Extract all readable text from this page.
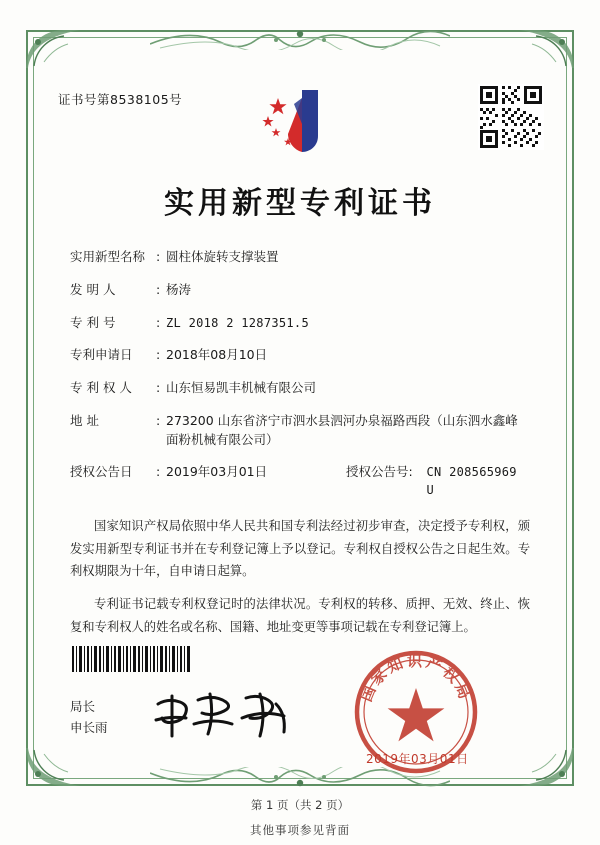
证书号第8538105号
实用新型专利证书
实用新型名称 : 圆柱体旋转支撑装置
发 明 人	: 杨涛
专 利 号	: ZL 2018 2 1287351.5
专利申请日	: 2018年08月10日
专 利 权 人	: 山东恒易凯丰机械有限公司
地 址	: 273200 山东省济宁市泗水县泗河办泉福路西段（山东泗水鑫峰面粉机械有限公司）
授权公告日	: 2019年03月01日	授权公告号 :	CN 208565969 U

国家知识产权局依照中华人民共和国专利法经过初步审查，决定授予专利权，颁发实用新型专利证书并在专利登记簿上予以登记。专利权自授权公告之日起生效。专利权期限为十年，自申请日起算。

专利证书记载专利权登记时的法律状况。专利权的转移、质押、无效、终止、恢复和专利权人的姓名或名称、国籍、地址变更等事项记载在专利登记簿上。

局长
申长雨
国家知识产权局
2019年03月01日
第 1 页（共 2 页）
其他事项参见背面
